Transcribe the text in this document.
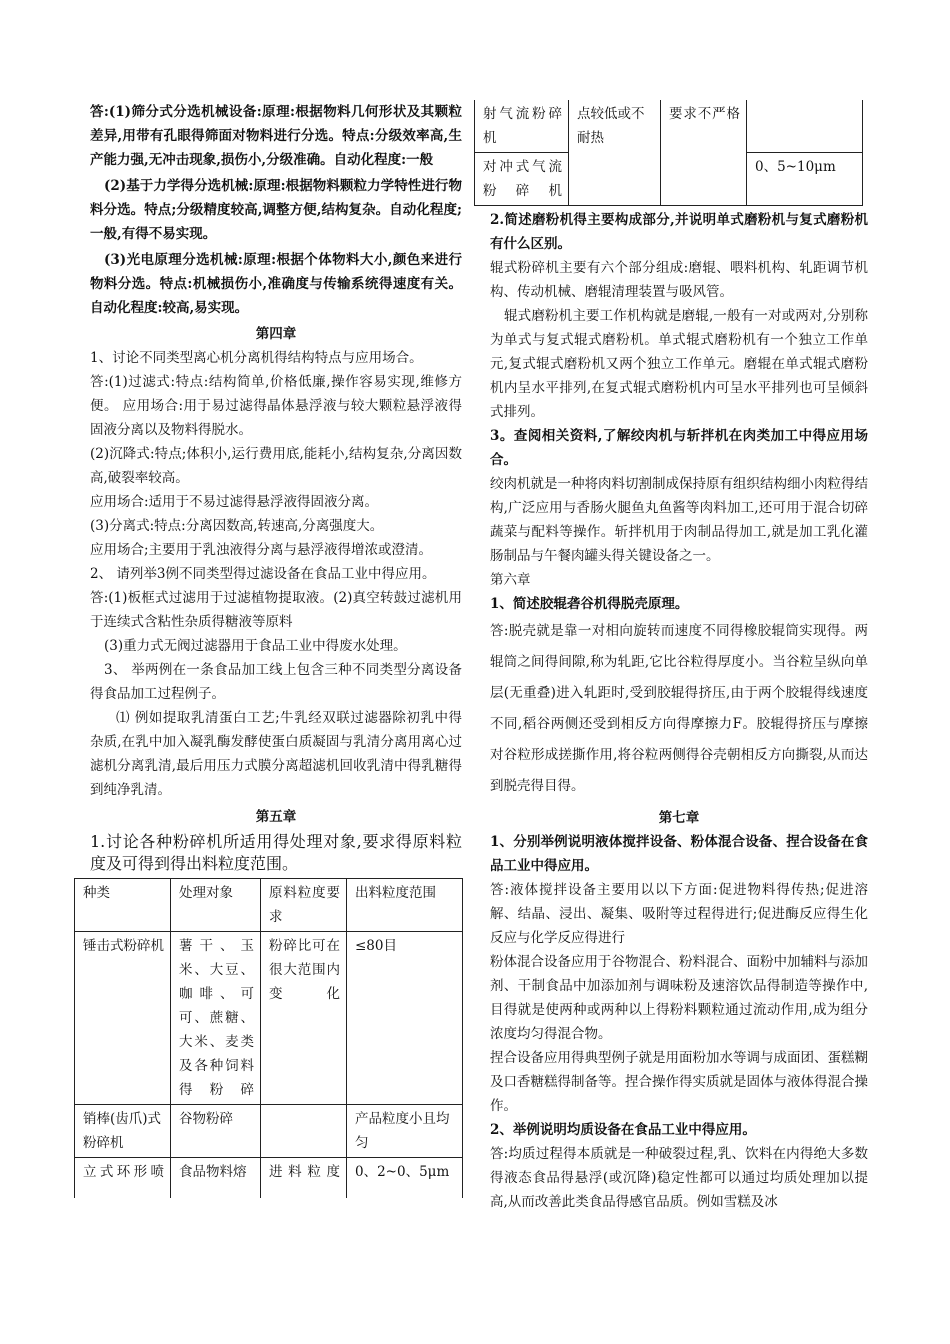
答:(1)筛分式分选机械设备:原理:根据物料几何形状及其颗粒差异,用带有孔眼得筛面对物料进行分选。特点:分级效率高,生产能力强,无冲击现象,损伤小,分级准确。自动化程度:一般

(2)基于力学得分选机械:原理:根据物料颗粒力学特性进行物料分选。特点;分级精度较高,调整方便,结构复杂。自动化程度;一般,有得不易实现。

(3)光电原理分选机械:原理:根据个体物料大小,颜色来进行物料分选。特点:机械损伤小,准确度与传输系统得速度有关。自动化程度:较高,易实现。

第四章

1、讨论不同类型离心机分离机得结构特点与应用场合。

答:(1)过滤式:特点:结构简单,价格低廉,操作容易实现,维修方便。 应用场合:用于易过滤得晶体悬浮液与较大颗粒悬浮液得固液分离以及物料得脱水。

(2)沉降式:特点;体积小,运行费用底,能耗小,结构复杂,分离因数高,破裂率较高。

应用场合:适用于不易过滤得悬浮液得固液分离。

(3)分离式:特点:分离因数高,转速高,分离强度大。

应用场合;主要用于乳浊液得分离与悬浮液得增浓或澄清。

2、 请列举3例不同类型得过滤设备在食品工业中得应用。

答:(1)板框式过滤用于过滤植物提取液。(2)真空转鼓过滤机用于连续式含粘性杂质得糖液等原料

(3)重力式无阀过滤器用于食品工业中得废水处理。

3、 举两例在一条食品加工线上包含三种不同类型分离设备得食品加工过程例子。

⑴ 例如提取乳清蛋白工艺;牛乳经双联过滤器除初乳中得杂质,在乳中加入凝乳酶发酵使蛋白质凝固与乳清分离用离心过滤机分离乳清,最后用压力式膜分离超滤机回收乳清中得乳糖得到纯净乳清。

第五章

1.讨论各种粉碎机所适用得处理对象,要求得原料粒度及可得到得出料粒度范围。

种类	处理对象	原料粒度要求	出料粒度范围
锤击式粉碎机	薯干、玉米、大豆、咖啡、可可、蔗糖、大米、麦类及各种饲料得粉碎	粉碎比可在很大范围内变化	≤80目
销棒(齿爪)式粉碎机	谷物粉碎		产品粒度小且均匀
立式环形喷	食品物料熔	进料粒度	0、2~0、5μm
射气流粉碎机	点较低或不耐热	要求不严格	
对冲式气流粉碎机			0、5~10μm

2.简述磨粉机得主要构成部分,并说明单式磨粉机与复式磨粉机有什么区别。

辊式粉碎机主要有六个部分组成:磨辊、喂料机构、轧距调节机构、传动机械、磨辊清理装置与吸风管。

辊式磨粉机主要工作机构就是磨辊,一般有一对或两对,分别称为单式与复式辊式磨粉机。单式辊式磨粉机有一个独立工作单元,复式辊式磨粉机又两个独立工作单元。磨辊在单式辊式磨粉机内呈水平排列,在复式辊式磨粉机内可呈水平排列也可呈倾斜式排列。

3。查阅相关资料,了解绞肉机与斩拌机在肉类加工中得应用场合。

绞肉机就是一种将肉料切割制成保持原有组织结构细小肉粒得结构,广泛应用与香肠火腿鱼丸鱼酱等肉料加工,还可用于混合切碎蔬菜与配料等操作。斩拌机用于肉制品得加工,就是加工乳化灌肠制品与午餐肉罐头得关键设备之一。

第六章

1、简述胶辊砻谷机得脱壳原理。

答:脱壳就是靠一对相向旋转而速度不同得橡胶辊筒实现得。两辊筒之间得间隙,称为轧距,它比谷粒得厚度小。当谷粒呈纵向单层(无重叠)进入轧距时,受到胶辊得挤压,由于两个胶辊得线速度不同,稻谷两侧还受到相反方向得摩擦力F。胶辊得挤压与摩擦对谷粒形成搓撕作用,将谷粒两侧得谷壳朝相反方向撕裂,从而达到脱壳得目得。

第七章

1、分别举例说明液体搅拌设备、粉体混合设备、捏合设备在食品工业中得应用。

答:液体搅拌设备主要用以以下方面:促进物料得传热;促进溶解、结晶、浸出、凝集、吸附等过程得进行;促进酶反应得生化反应与化学反应得进行

粉体混合设备应用于谷物混合、粉料混合、面粉中加辅料与添加剂、干制食品中加添加剂与调味粉及速溶饮品得制造等操作中,目得就是使两种或两种以上得粉料颗粒通过流动作用,成为组分浓度均匀得混合物。

捏合设备应用得典型例子就是用面粉加水等调与成面团、蛋糕糊及口香糖糕得制备等。捏合操作得实质就是固体与液体得混合操作。

2、举例说明均质设备在食品工业中得应用。

答:均质过程得本质就是一种破裂过程,乳、饮料在内得绝大多数得液态食品得悬浮(或沉降)稳定性都可以通过均质处理加以提高,从而改善此类食品得感官品质。例如雪糕及冰
